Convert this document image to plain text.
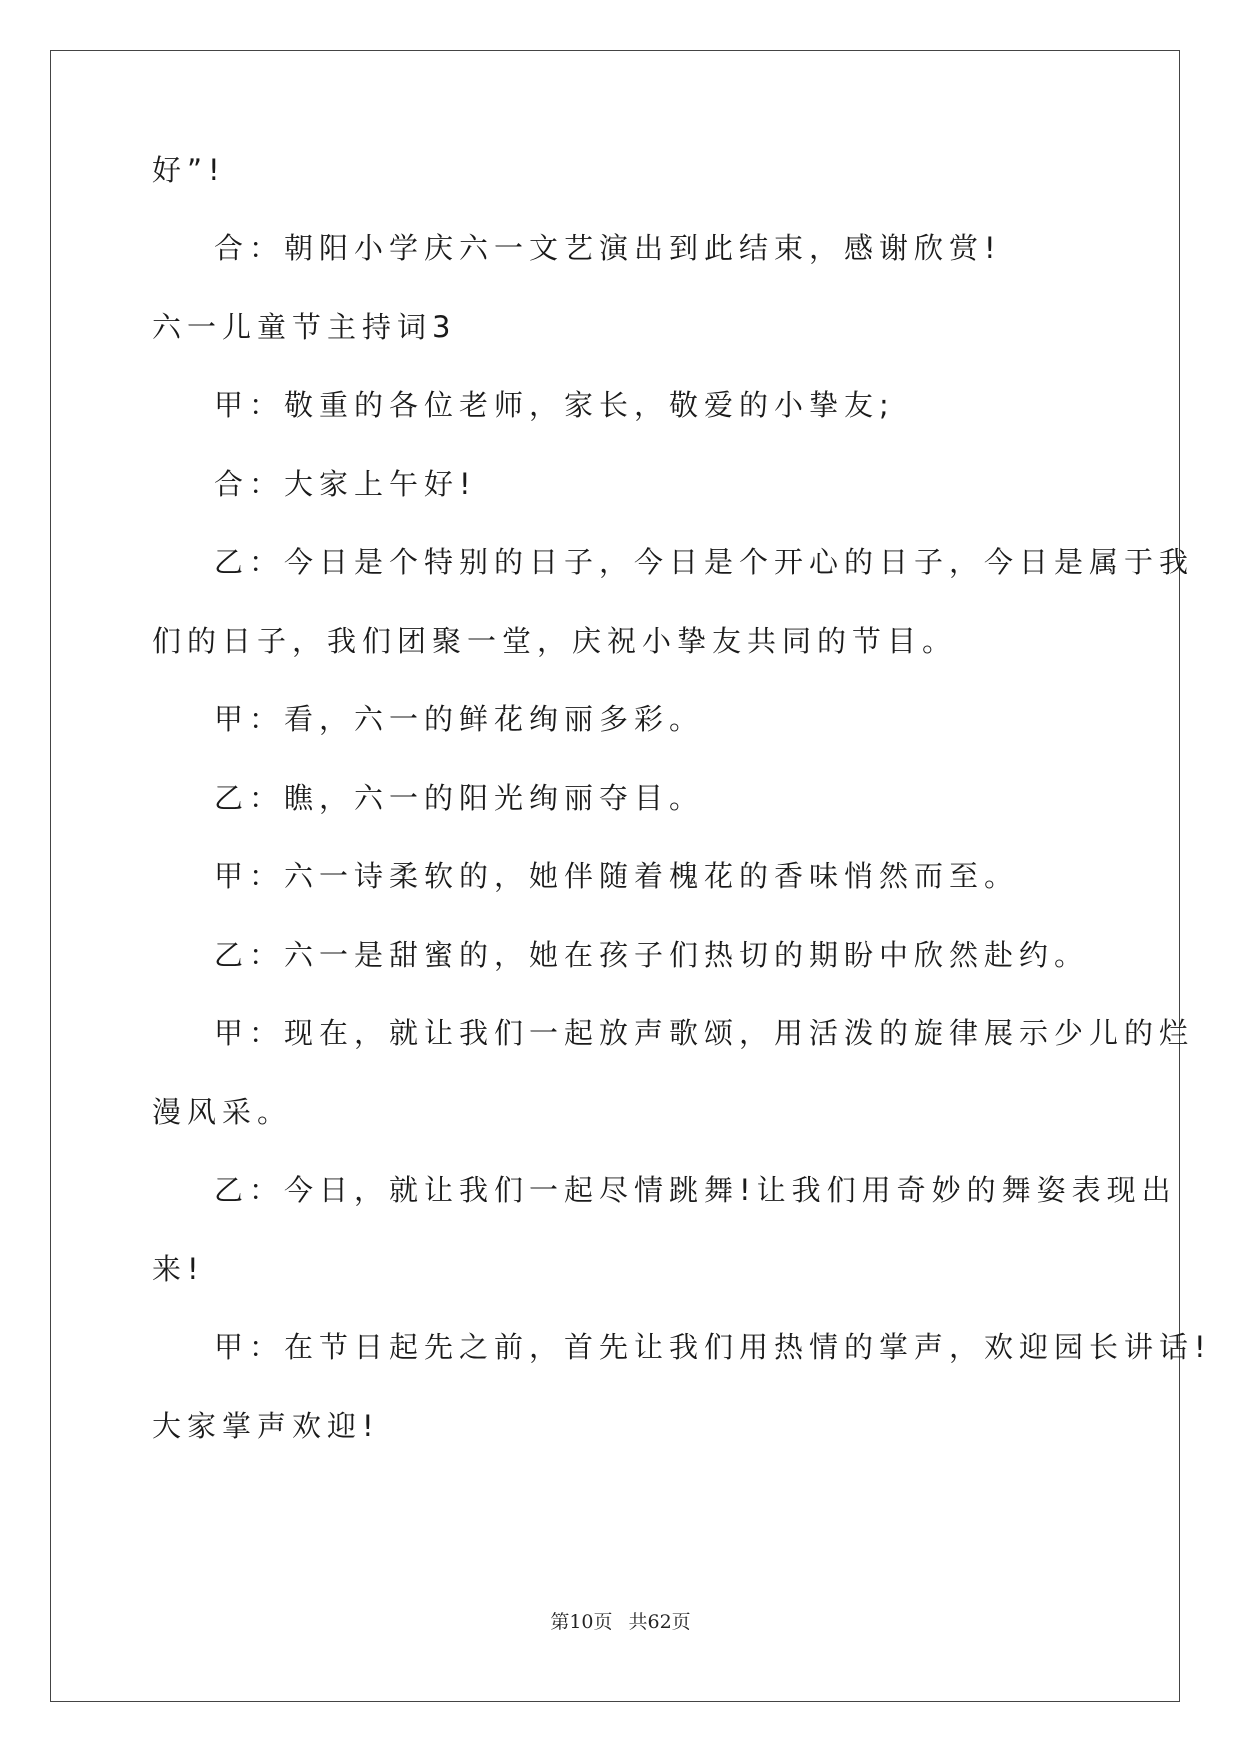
好”!
合：朝阳小学庆六一文艺演出到此结束，感谢欣赏!
六一儿童节主持词3
甲：敬重的各位老师，家长，敬爱的小挚友;
合：大家上午好!
乙：今日是个特别的日子，今日是个开心的日子，今日是属于我
们的日子，我们团聚一堂，庆祝小挚友共同的节目。
甲：看，六一的鲜花绚丽多彩。
乙：瞧，六一的阳光绚丽夺目。
甲：六一诗柔软的，她伴随着槐花的香味悄然而至。
乙：六一是甜蜜的，她在孩子们热切的期盼中欣然赴约。
甲：现在，就让我们一起放声歌颂，用活泼的旋律展示少儿的烂
漫风采。
乙：今日，就让我们一起尽情跳舞!让我们用奇妙的舞姿表现出
来!
甲：在节日起先之前，首先让我们用热情的掌声，欢迎园长讲话!
大家掌声欢迎!
第10页 共62页
